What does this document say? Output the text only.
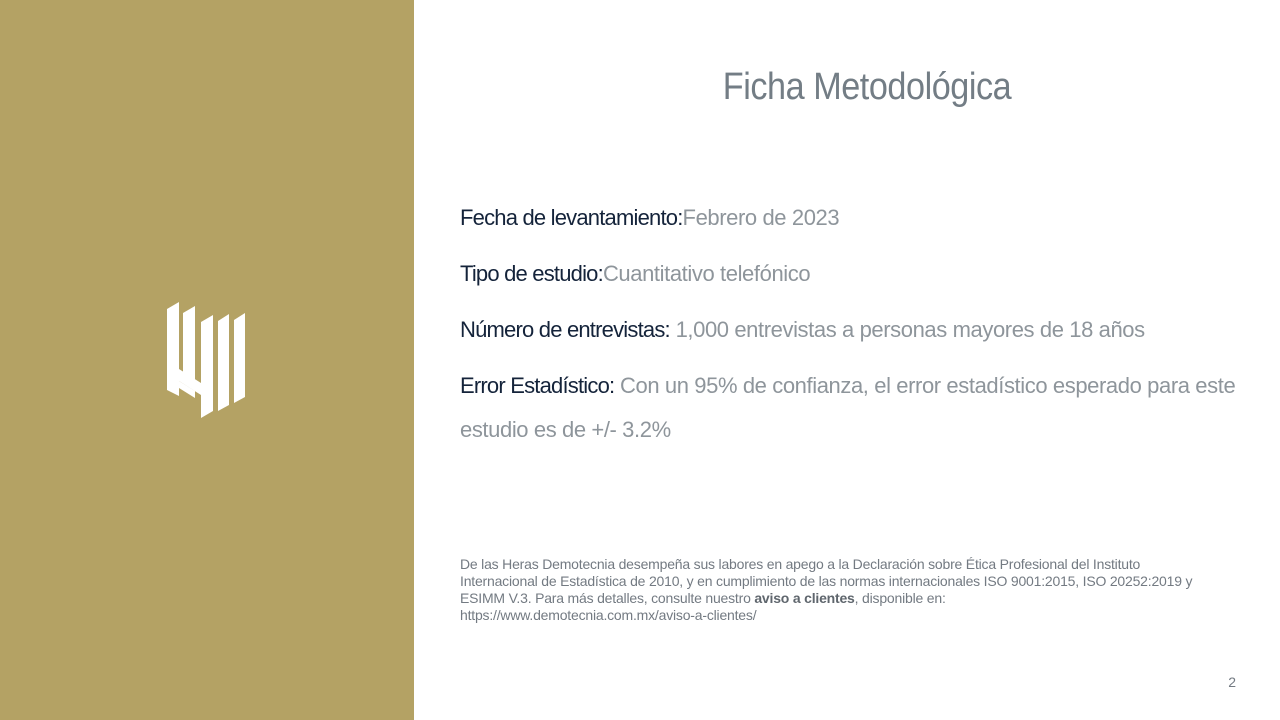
Ficha Metodológica

Fecha de levantamiento:Febrero de 2023

Tipo de estudio:Cuantitativo telefónico

Número de entrevistas: 1,000 entrevistas a personas mayores de 18 años

Error Estadístico: Con un 95% de confianza, el error estadístico esperado para este estudio es de +/- 3.2%

De las Heras Demotecnia desempeña sus labores en apego a la Declaración sobre Ética Profesional del Instituto Internacional de Estadística de 2010, y en cumplimiento de las normas internacionales ISO 9001:2015, ISO 20252:2019 y ESIMM V.3. Para más detalles, consulte nuestro aviso a clientes, disponible en:
https://www.demotecnia.com.mx/aviso-a-clientes/

2
